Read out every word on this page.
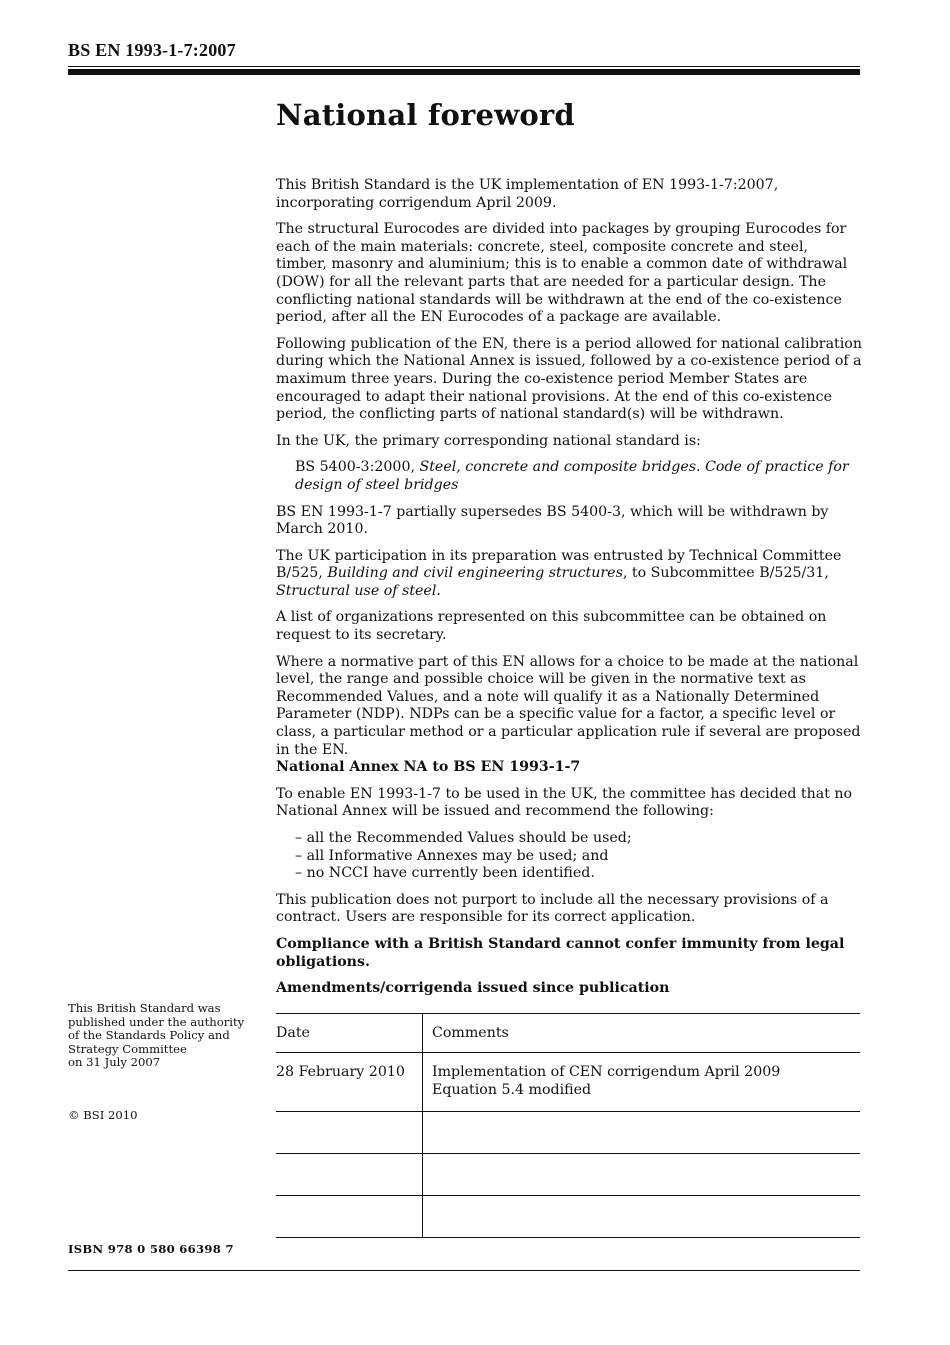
BS EN 1993-1-7:2007
National foreword

This British Standard is the UK implementation of EN 1993-1-7:2007, incorporating corrigendum April 2009.

The structural Eurocodes are divided into packages by grouping Eurocodes for each of the main materials: concrete, steel, composite concrete and steel, timber, masonry and aluminium; this is to enable a common date of withdrawal (DOW) for all the relevant parts that are needed for a particular design. The conflicting national standards will be withdrawn at the end of the co-existence period, after all the EN Eurocodes of a package are available.

Following publication of the EN, there is a period allowed for national calibration during which the National Annex is issued, followed by a co-existence period of a maximum three years. During the co-existence period Member States are encouraged to adapt their national provisions. At the end of this co-existence period, the conflicting parts of national standard(s) will be withdrawn.

In the UK, the primary corresponding national standard is:

BS 5400-3:2000, Steel, concrete and composite bridges. Code of practice for design of steel bridges

BS EN 1993-1-7 partially supersedes BS 5400-3, which will be withdrawn by March 2010.

The UK participation in its preparation was entrusted by Technical Committee B/525, Building and civil engineering structures, to Subcommittee B/525/31, Structural use of steel.

A list of organizations represented on this subcommittee can be obtained on request to its secretary.

Where a normative part of this EN allows for a choice to be made at the national level, the range and possible choice will be given in the normative text as Recommended Values, and a note will qualify it as a Nationally Determined Parameter (NDP). NDPs can be a specific value for a factor, a specific level or class, a particular method or a particular application rule if several are proposed in the EN.

National Annex NA to BS EN 1993-1-7

To enable EN 1993-1-7 to be used in the UK, the committee has decided that no National Annex will be issued and recommend the following:

– all the Recommended Values should be used;
– all Informative Annexes may be used; and
– no NCCI have currently been identified.

This publication does not purport to include all the necessary provisions of a contract. Users are responsible for its correct application.

Compliance with a British Standard cannot confer immunity from legal obligations.

Amendments/corrigenda issued since publication

Date	Comments
28 February 2010	Implementation of CEN corrigendum April 2009
Equation 5.4 modified

This British Standard was
published under the authority
of the Standards Policy and
Strategy Committee
on 31 July 2007

© BSI 2010

ISBN 978 0 580 66398 7
